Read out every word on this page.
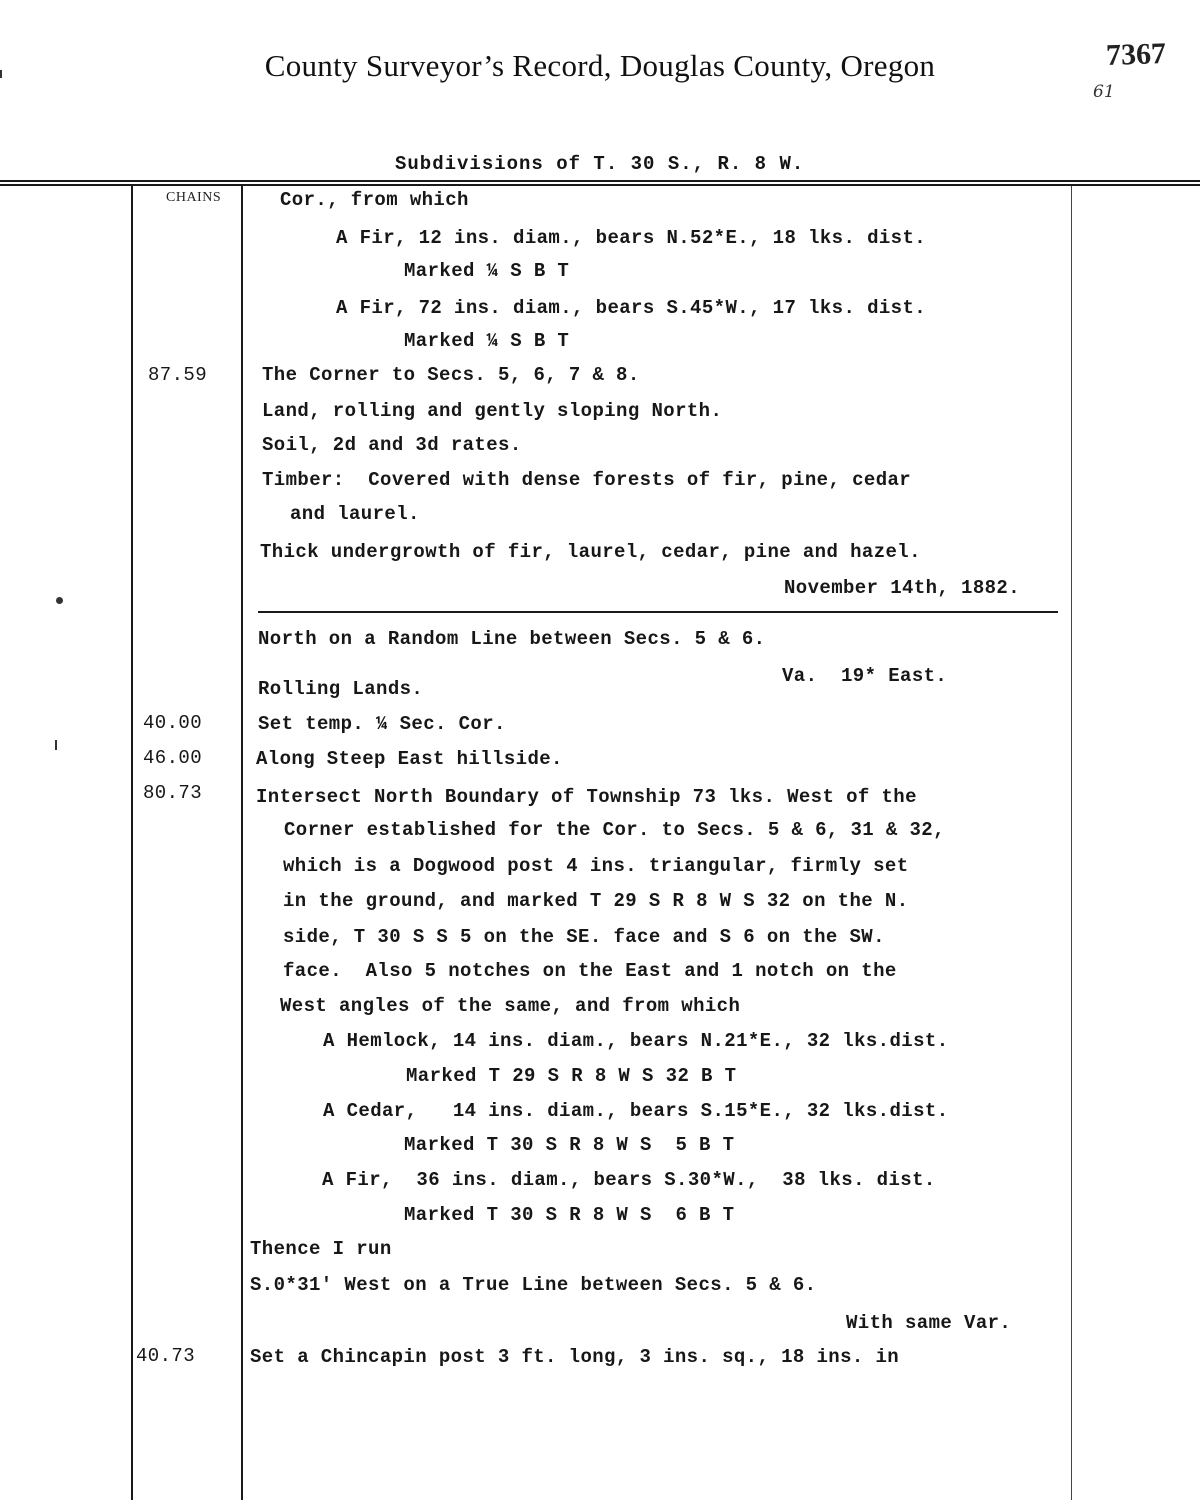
County Surveyor’s Record, Douglas County, Oregon	7367
61
Subdivisions of T. 30 S., R. 8 W.
CHAINS
87.59
40.00
46.00
80.73
40.73
Cor., from which
A Fir, 12 ins. diam., bears N.52*E., 18 lks. dist.
Marked ¼ S B T
A Fir, 72 ins. diam., bears S.45*W., 17 lks. dist.
Marked ¼ S B T
The Corner to Secs. 5, 6, 7 & 8.
Land, rolling and gently sloping North.
Soil, 2d and 3d rates.
Timber:  Covered with dense forests of fir, pine, cedar
and laurel.
Thick undergrowth of fir, laurel, cedar, pine and hazel.
November 14th, 1882.
North on a Random Line between Secs. 5 & 6.
Va.  19* East.
Rolling Lands.
Set temp. ¼ Sec. Cor.
Along Steep East hillside.
Intersect North Boundary of Township 73 lks. West of the
Corner established for the Cor. to Secs. 5 & 6, 31 & 32,
which is a Dogwood post 4 ins. triangular, firmly set
in the ground, and marked T 29 S R 8 W S 32 on the N.
side, T 30 S S 5 on the SE. face and S 6 on the SW.
face.  Also 5 notches on the East and 1 notch on the
West angles of the same, and from which
A Hemlock, 14 ins. diam., bears N.21*E., 32 lks.dist.
Marked T 29 S R 8 W S 32 B T
A Cedar,   14 ins. diam., bears S.15*E., 32 lks.dist.
Marked T 30 S R 8 W S  5 B T
A Fir,  36 ins. diam., bears S.30*W.,  38 lks. dist.
Marked T 30 S R 8 W S  6 B T
Thence I run
S.0*31' West on a True Line between Secs. 5 & 6.
With same Var.
Set a Chincapin post 3 ft. long, 3 ins. sq., 18 ins. in
